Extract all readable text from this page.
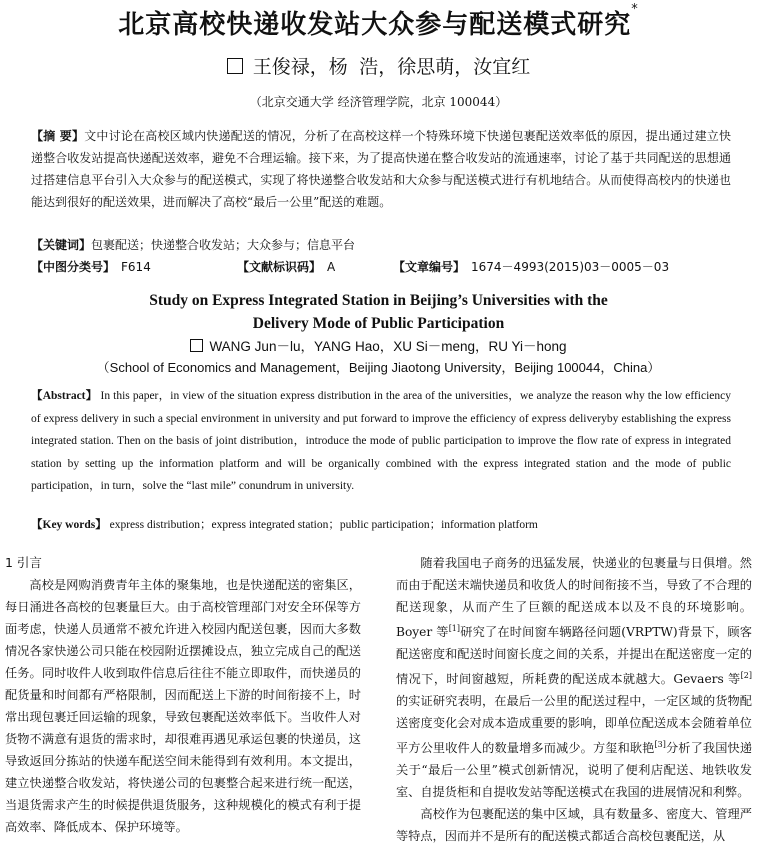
北京高校快递收发站大众参与配送模式研究*
王俊禄，杨 浩，徐思萌，汝宜红
（北京交通大学 经济管理学院，北京 100044）
【摘 要】文中讨论在高校区域内快递配送的情况，分析了在高校这样一个特殊环境下快递包裹配送效率低的原因，提出通过建立快递整合收发站提高快递配送效率，避免不合理运输。接下来，为了提高快递在整合收发站的流通速率，讨论了基于共同配送的思想通过搭建信息平台引入大众参与的配送模式，实现了将快递整合收发站和大众参与配送模式进行有机地结合。从而使得高校内的快递也能达到很好的配送效果，进而解决了高校“最后一公里”配送的难题。
【关键词】包裹配送；快递整合收发站；大众参与；信息平台
【中图分类号】 F614	【文献标识码】 A	【文章编号】 1674－4993(2015)03－0005－03
Study on Express Integrated Station in Beijing’s Universities with the
Delivery Mode of Public Participation
WANG Jun－lu，YANG Hao，XU Si－meng，RU Yi－hong
（School of Economics and Management，Beijing Jiaotong University，Beijing 100044，China）
【Abstract】 In this paper，in view of the situation express distribution in the area of the universities，we analyze the reason why the low efficiency of express delivery in such a special environment in university and put forward to improve the efficiency of express deliveryby establishing the express integrated station. Then on the basis of joint distribution，introduce the mode of public participation to improve the flow rate of express in integrated station by setting up the information platform and will be organically combined with the express integrated station and the mode of public participation，in turn，solve the “last mile” conundrum in university.
【Key words】 express distribution；express integrated station；public participation；information platform
1 引言

高校是网购消费青年主体的聚集地，也是快递配送的密集区，每日涌进各高校的包裹量巨大。由于高校管理部门对安全环保等方面考虑，快递人员通常不被允许进入校园内配送包裹，因而大多数情况各家快递公司只能在校园附近摆摊设点，独立完成自己的配送任务。同时收件人收到取件信息后往往不能立即取件，而快递员的配货量和时间都有严格限制，因而配送上下游的时间衔接不上，时常出现包裹迁回运输的现象，导致包裹配送效率低下。当收件人对货物不满意有退货的需求时，却很难再遇见承运包裹的快递员，这导致返回分拣站的快递车配送空间未能得到有效利用。本文提出，建立快递整合收发站，将快递公司的包裹整合起来进行统一配送，当退货需求产生的时候提供退货服务，这种规模化的模式有利于提高效率、降低成本、保护环境等。

随着我国电子商务的迅猛发展，快递业的包裹量与日俱增。然而由于配送末端快递员和收货人的时间衔接不当，导致了不合理的配送现象，从而产生了巨额的配送成本以及不良的环境影响。Boyer 等[1]研究了在时间窗车辆路径问题(VRPTW)背景下，顾客配送密度和配送时间窗长度之间的关系，并提出在配送密度一定的情况下，时间窗越短，所耗费的配送成本就越大。Gevaers 等[2]的实证研究表明，在最后一公里的配送过程中，一定区域的货物配送密度变化会对成本造成重要的影响，即单位配送成本会随着单位平方公里收件人的数量增多而减少。方玺和耿艳[3]分析了我国快递关于“最后一公里”模式创新情况，说明了便利店配送、地铁收发室、自提货柜和自提收发站等配送模式在我国的进展情况和利弊。

高校作为包裹配送的集中区域，具有数量多、密度大、管理严等特点，因而并不是所有的配送模式都适合高校包裹配送，从
